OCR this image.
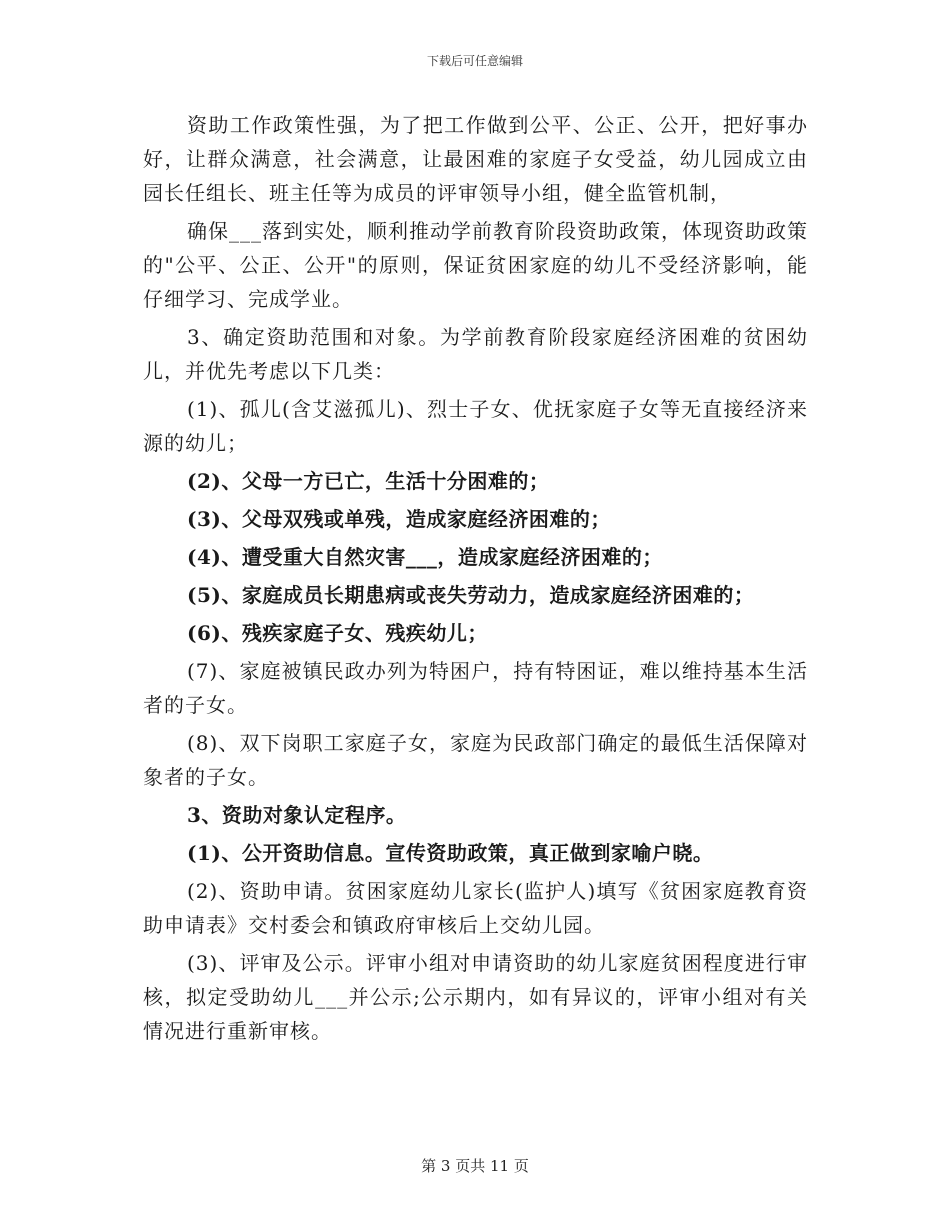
下载后可任意编辑

资助工作政策性强，为了把工作做到公平、公正、公开，把好事办好，让群众满意，社会满意，让最困难的家庭子女受益，幼儿园成立由园长任组长、班主任等为成员的评审领导小组，健全监管机制，

确保___落到实处，顺利推动学前教育阶段资助政策，体现资助政策的"公平、公正、公开"的原则，保证贫困家庭的幼儿不受经济影响，能仔细学习、完成学业。

3、确定资助范围和对象。为学前教育阶段家庭经济困难的贫困幼儿，并优先考虑以下几类：

(1)、孤儿(含艾滋孤儿)、烈士子女、优抚家庭子女等无直接经济来源的幼儿；

(2)、父母一方已亡，生活十分困难的；

(3)、父母双残或单残，造成家庭经济困难的；

(4)、遭受重大自然灾害___，造成家庭经济困难的；

(5)、家庭成员长期患病或丧失劳动力，造成家庭经济困难的；

(6)、残疾家庭子女、残疾幼儿；

(7)、家庭被镇民政办列为特困户，持有特困证，难以维持基本生活者的子女。

(8)、双下岗职工家庭子女，家庭为民政部门确定的最低生活保障对象者的子女。

3、资助对象认定程序。

(1)、公开资助信息。宣传资助政策，真正做到家喻户晓。

(2)、资助申请。贫困家庭幼儿家长(监护人)填写《贫困家庭教育资助申请表》交村委会和镇政府审核后上交幼儿园。

(3)、评审及公示。评审小组对申请资助的幼儿家庭贫困程度进行审核，拟定受助幼儿___并公示;公示期内，如有异议的，评审小组对有关情况进行重新审核。

第 3 页共 11 页
